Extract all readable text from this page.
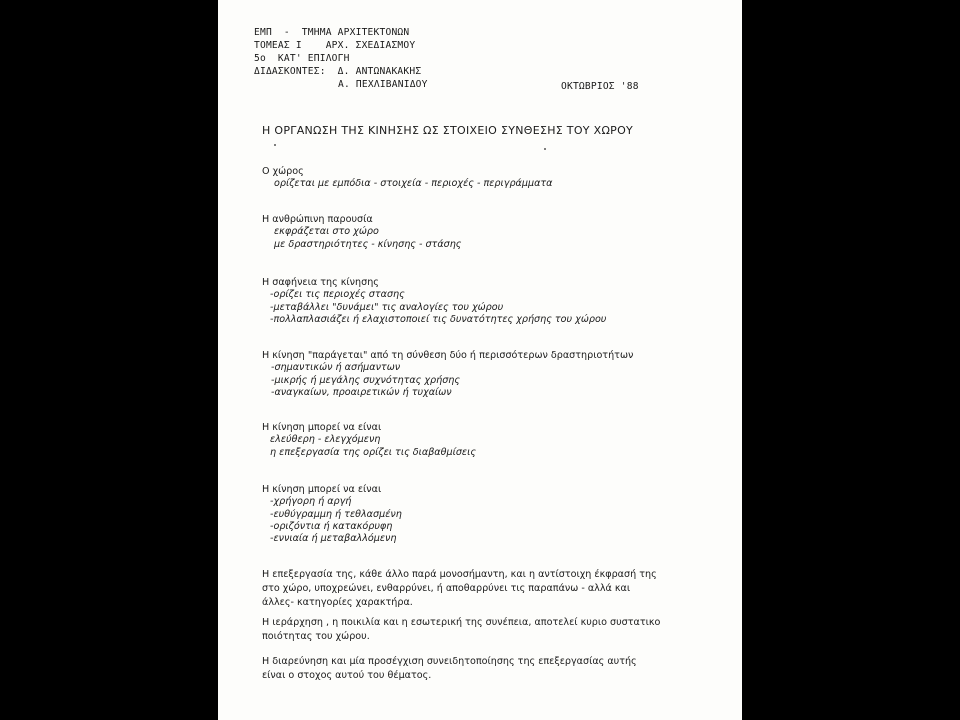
ΕΜΠ  -  ΤΜΗΜΑ ΑΡΧΙΤΕΚΤΟΝΩΝ
ΤΟΜΕΑΣ I    ΑΡΧ. ΣΧΕΔΙΑΣΜΟΥ
5ο  ΚΑΤ' ΕΠΙΛΟΓΗ
ΔΙΔΑΣΚΟΝΤΕΣ:  Δ. ΑΝΤΩΝΑΚΑΚΗΣ
Α. ΠΕΧΛΙΒΑΝΙΔΟΥ	ΟΚΤΩΒΡΙΟΣ '88
Η ΟΡΓΑΝΩΣΗ ΤΗΣ ΚΙΝΗΣΗΣ ΩΣ ΣΤΟΙΧΕΙΟ ΣΥΝΘΕΣΗΣ ΤΟΥ ΧΩΡΟΥ
Ο χώρος
ορίζεται με εμπόδια - στοιχεία - περιοχές - περιγράμματα
Η ανθρώπινη παρουσία
εκφράζεται στο χώρο
με δραστηριότητες - κίνησης - στάσης
Η σαφήνεια της κίνησης
-ορίζει τις περιοχές στασης
-μεταβάλλει "δυνάμει" τις αναλογίες του χώρου
-πολλαπλασιάζει ή ελαχιστοποιεί τις δυνατότητες χρήσης του χώρου
Η κίνηση "παράγεται" από τη σύνθεση δύο ή περισσότερων δραστηριοτήτων
-σημαντικών ή ασήμαντων
-μικρής ή μεγάλης συχνότητας χρήσης
-αναγκαίων, προαιρετικών ή τυχαίων
Η κίνηση μπορεί να είναι
ελεύθερη - ελεγχόμενη
η επεξεργασία της ορίζει τις διαβαθμίσεις
Η κίνηση μπορεί να είναι
-χρήγορη ή αργή
-ευθύγραμμη ή τεθλασμένη
-οριζόντια ή κατακόρυφη
-εννιαία ή μεταβαλλόμενη

Η επεξεργασία της, κάθε άλλο παρά μονοσήμαντη, και η αντίστοιχη έκφρασή της στο χώρο, υποχρεώνει, ενθαρρύνει, ή αποθαρρύνει τις παραπάνω - αλλά και άλλες- κατηγορίες χαρακτήρα.

Η ιεράρχηση , η ποικιλία και η εσωτερική της συνέπεια, αποτελεί κυριο συστατικο ποιότητας του χώρου.

Η διαρεύνηση και μία προσέγχιση συνειδητοποίησης της επεξεργασίας αυτής είναι ο στοχος αυτού του θέματος.
